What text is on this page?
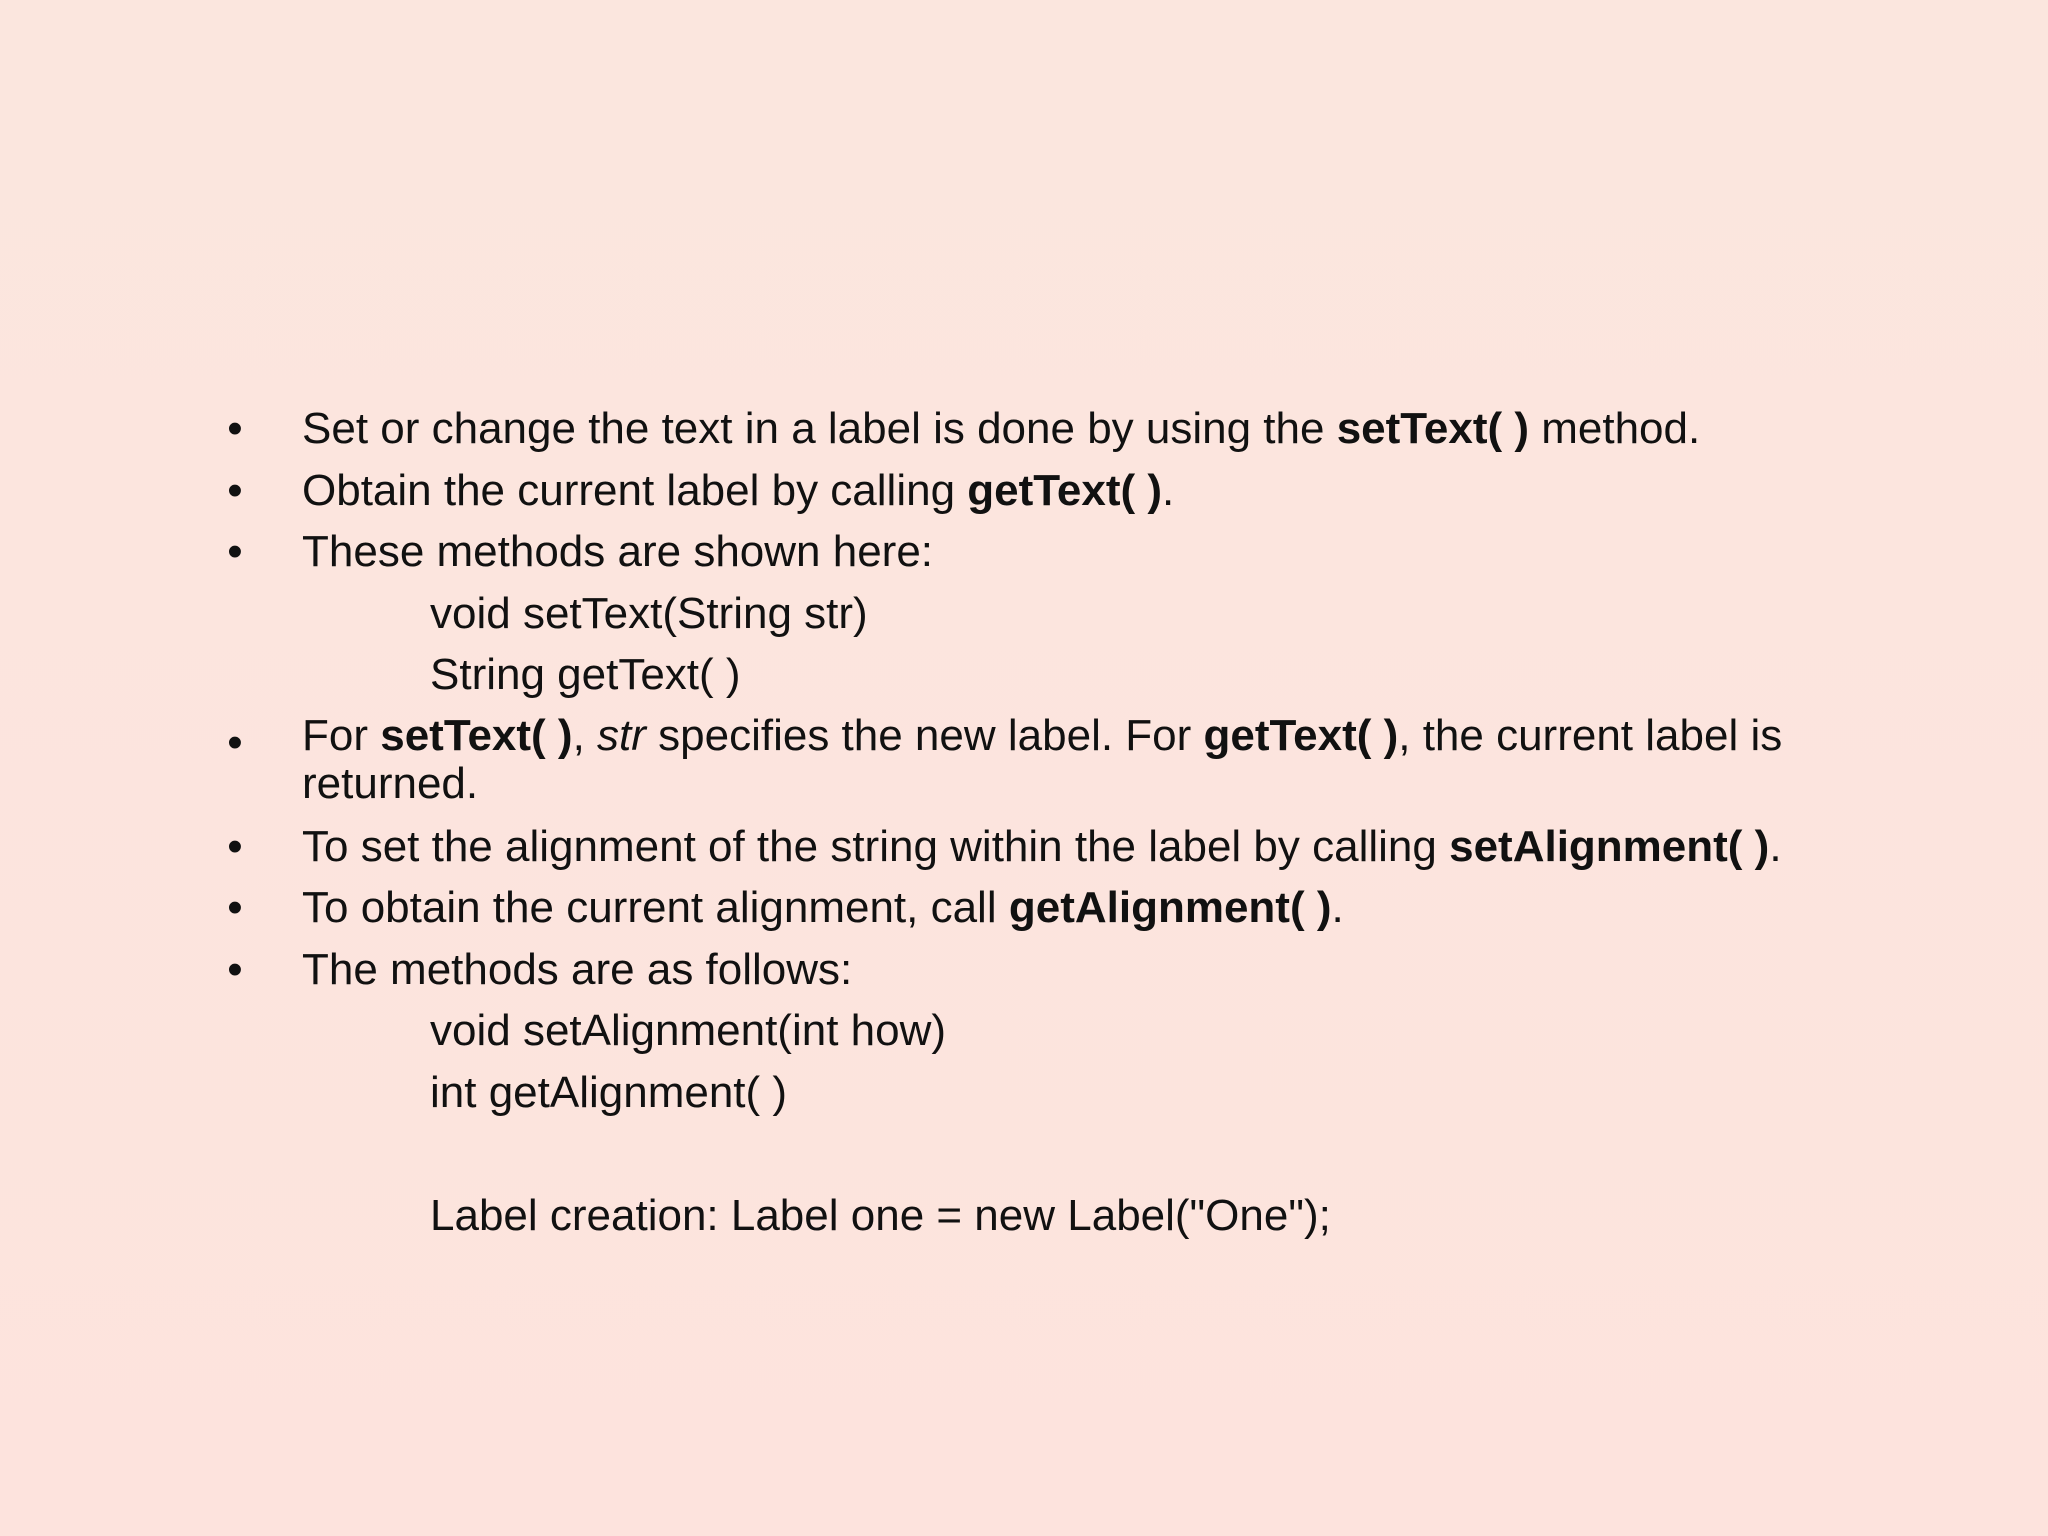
• Set or change the text in a label is done by using the setText( ) method.
• Obtain the current label by calling getText( ).
• These methods are shown here:
void setText(String str)
String getText( )
• For setText( ), str specifies the new label. For getText( ), the current label is returned.
• To set the alignment of the string within the label by calling setAlignment( ).
• To obtain the current alignment, call getAlignment( ).
• The methods are as follows:
void setAlignment(int how)
int getAlignment( )
Label creation: Label one = new Label("One");
